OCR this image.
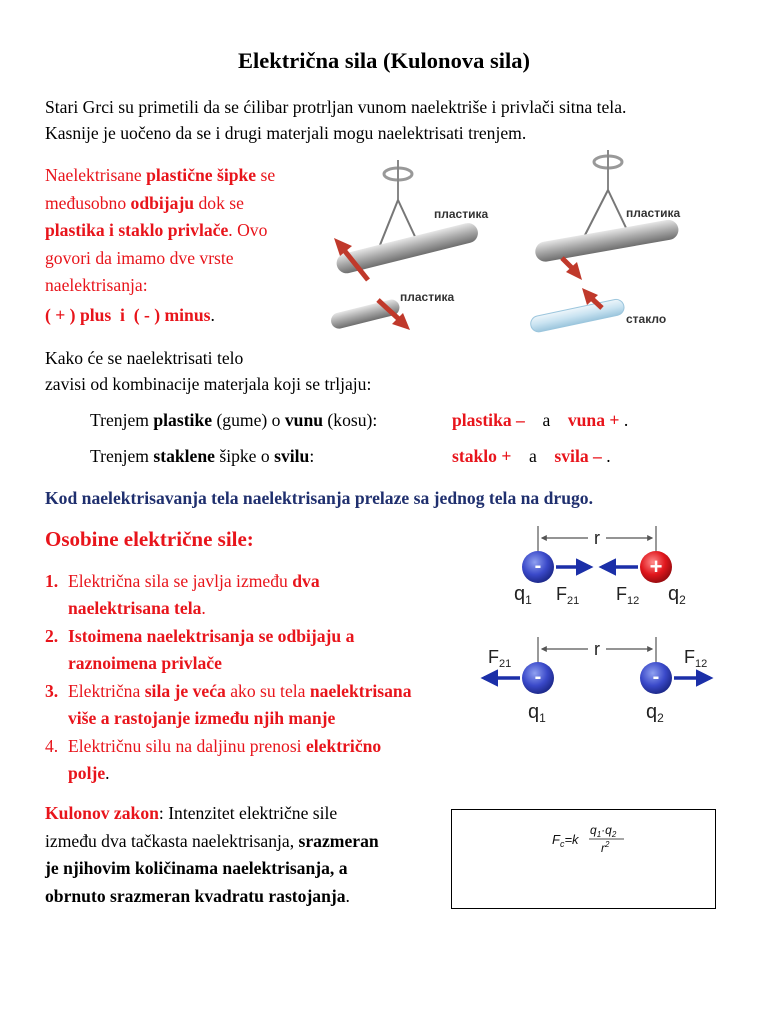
Električna sila (Kulonova sila)
Stari Grci su primetili da se ćilibar protrljan vunom naelektriše i privlači sitna tela.
Kasnije je uočeno da se i drugi materjali mogu naelektrisati trenjem.
Naelektrisane plastične šipke se
međusobno odbijaju dok se
plastika i staklo privlače. Ovo
govori da imamo dve vrste
naelektrisanja:
( + ) plus i ( - ) minus.
пластика
пластика
пластика
стакло
Kako će se naelektrisati telo
zavisi od kombinacije materjala koji se trljaju:
Trenjem plastike (gume) o vunu (kosu):	plastika – a vuna + .
Trenjem staklene šipke o svilu:	staklo + a svila – .
Kod naelektrisavanja tela naelektrisanja prelaze sa jednog tela na drugo.
Osobine električne sile:
1. Električna sila se javlja između dva
naelektrisana tela.
2. Istoimena naelektrisanja se odbijaju a
raznoimena privlače
3. Električna sila je veća ako su tela naelektrisana
više a rastojanje između njih manje
4. Električnu silu na daljinu prenosi električno
polje.
r
-	+
$q_1$ $F_{21}$ $F_{12}$ $q_2$
r
-	-
$F_{21}$	$F_{12}$
$q_1$	$q_2$
Kulonov zakon: Intenzitet električne sile
između dva tačkasta naelektrisanja, srazmeran
je njihovim količinama naelektrisanja, a
obrnuto srazmeran kvadratu rastojanja.
$F_c=k$
$q_1\cdot q_2$
$r^2$
